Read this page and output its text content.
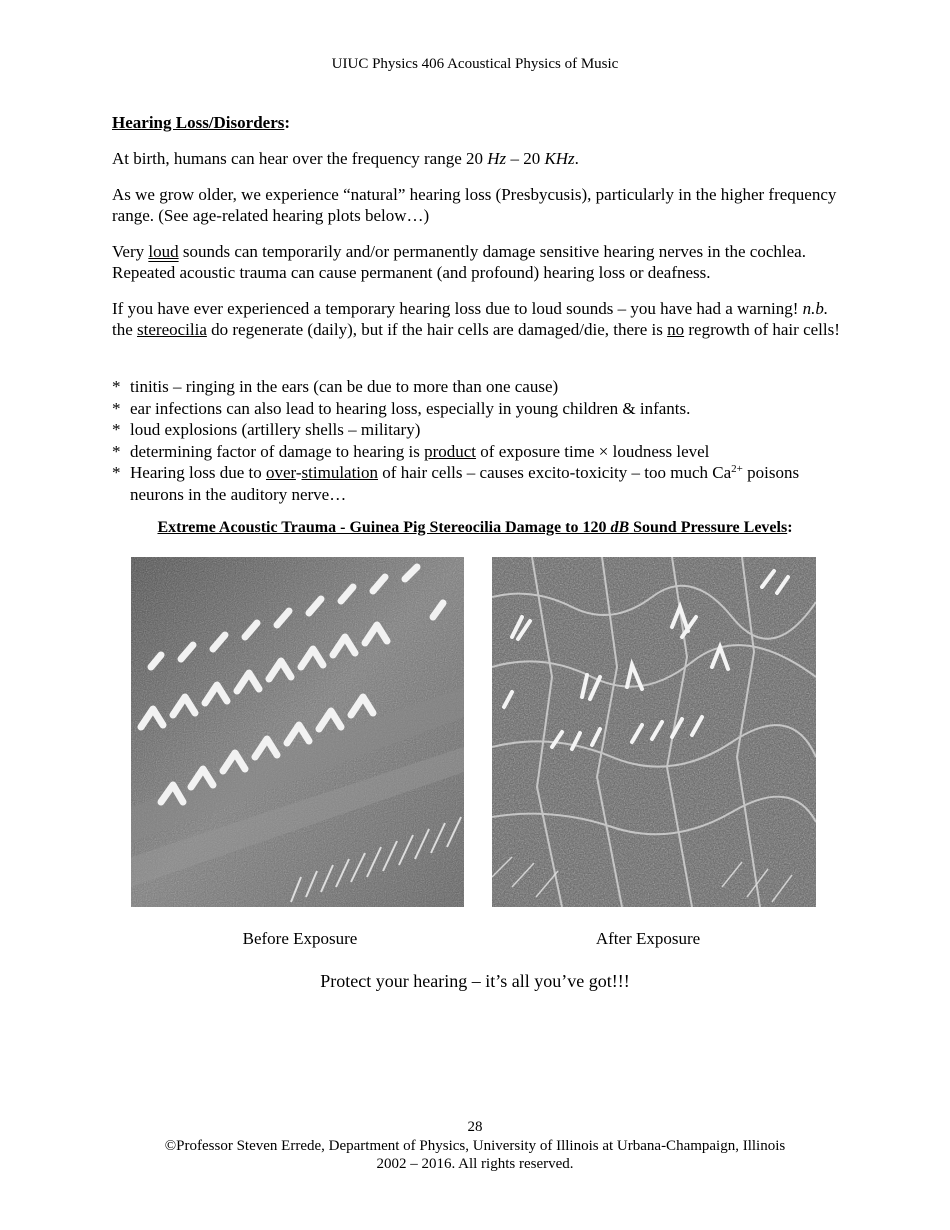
UIUC Physics 406 Acoustical Physics of Music
Hearing Loss/Disorders:
At birth, humans can hear over the frequency range 20 Hz – 20 KHz.
As we grow older, we experience “natural” hearing loss (Presbycusis), particularly in the higher frequency range. (See age-related hearing plots below…)
Very loud sounds can temporarily and/or permanently damage sensitive hearing nerves in the cochlea. Repeated acoustic trauma can cause permanent (and profound) hearing loss or deafness.
If you have ever experienced a temporary hearing loss due to loud sounds – you have had a warning! n.b. the stereocilia do regenerate (daily), but if the hair cells are damaged/die, there is no regrowth of hair cells!
* tinitis – ringing in the ears (can be due to more than one cause)
* ear infections can also lead to hearing loss, especially in young children & infants.
* loud explosions (artillery shells – military)
* determining factor of damage to hearing is product of exposure time × loudness level
* Hearing loss due to over-stimulation of hair cells – causes excito-toxicity – too much $Ca^{2+}$ poisons neurons in the auditory nerve…
Extreme Acoustic Trauma - Guinea Pig Stereocilia Damage to 120 dB Sound Pressure Levels:
Before Exposure	After Exposure
Protect your hearing – it’s all you’ve got!!!
28
©Professor Steven Errede, Department of Physics, University of Illinois at Urbana-Champaign, Illinois
2002 – 2016. All rights reserved.
